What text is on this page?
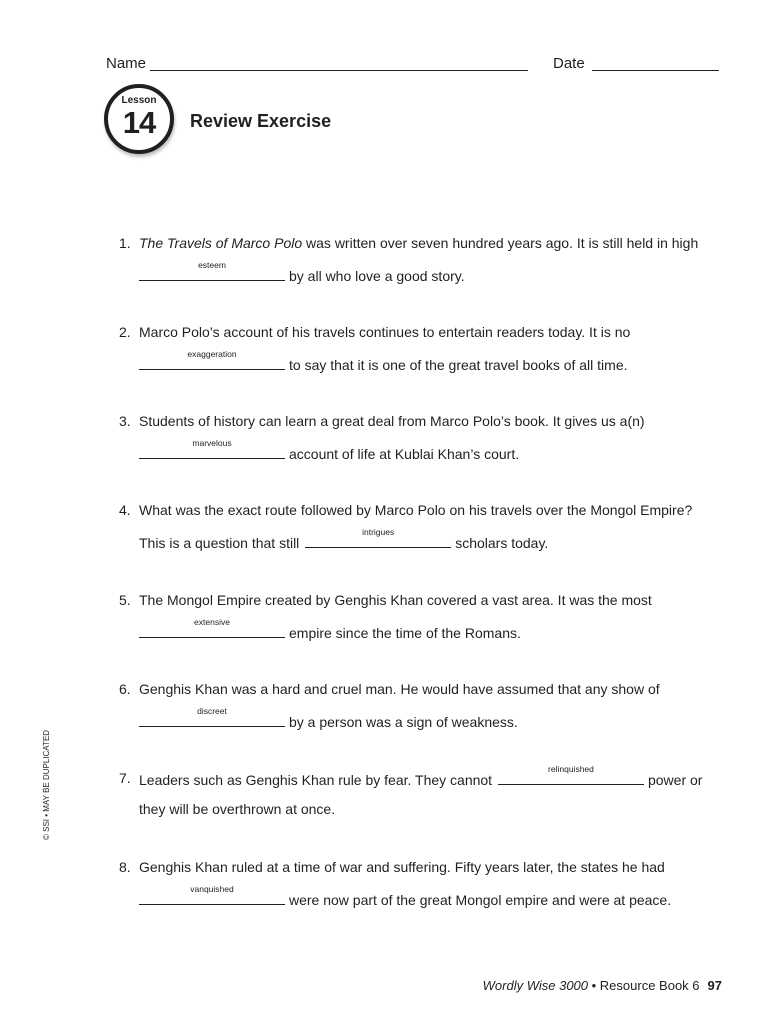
Name	Date
Lesson
14	Review Exercise
1. The Travels of Marco Polo was written over seven hundred years ago. It is still held in high
esteem
by all who love a good story.
2. Marco Polo’s account of his travels continues to entertain readers today. It is no
exaggeration
to say that it is one of the great travel books of all time.
3. Students of history can learn a great deal from Marco Polo’s book. It gives us a(n)
marvelous
account of life at Kublai Khan’s court.
4. What was the exact route followed by Marco Polo on his travels over the Mongol Empire?
This is a question that still
intrigues
scholars today.
5. The Mongol Empire created by Genghis Khan covered a vast area. It was the most
extensive
empire since the time of the Romans.
6. Genghis Khan was a hard and cruel man. He would have assumed that any show of
discreet
by a person was a sign of weakness.
7. Leaders such as Genghis Khan rule by fear. They cannot
relinquished
power or
they will be overthrown at once.
8. Genghis Khan ruled at a time of war and suffering. Fifty years later, the states he had
vanquished
were now part of the great Mongol empire and were at peace.
© SSI • MAY BE DUPLICATED
Wordly Wise 3000 • Resource Book 6 97
